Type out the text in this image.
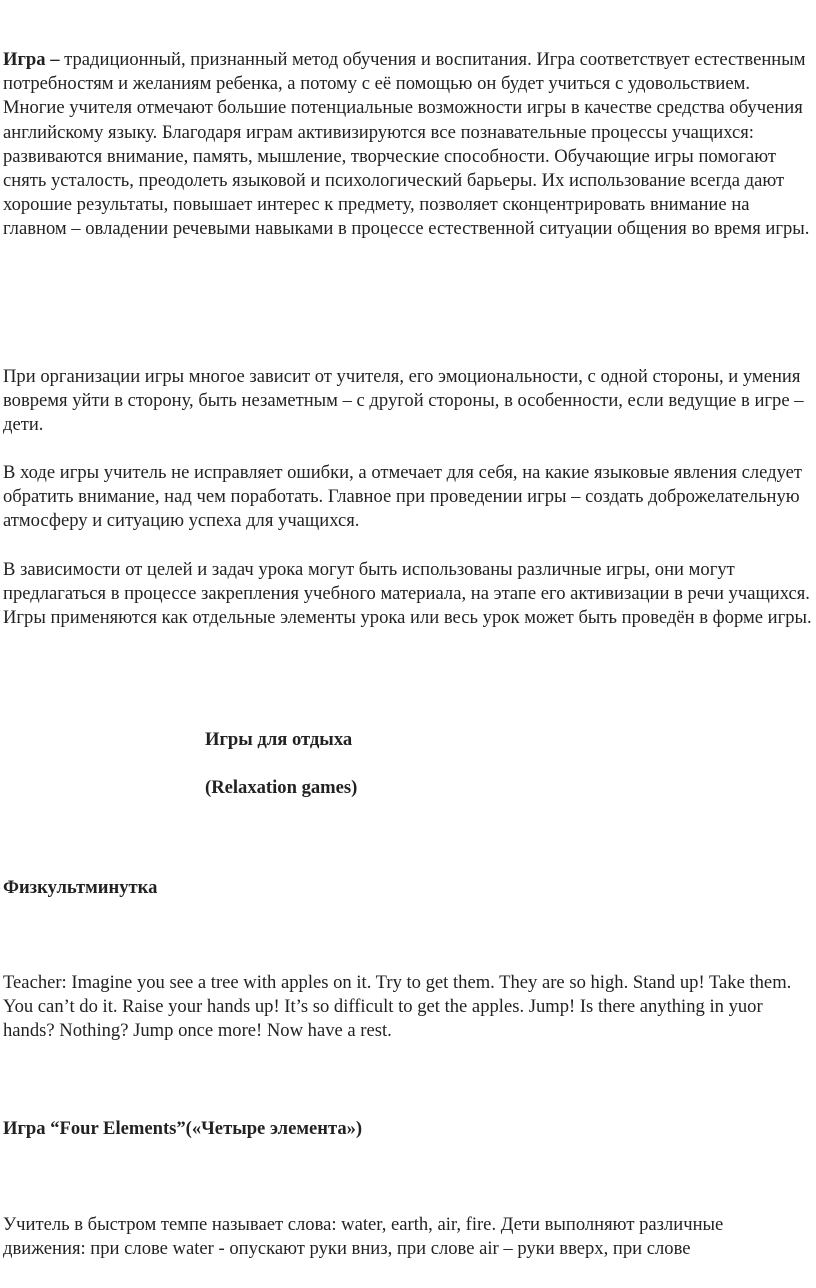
Игра – традиционный, признанный метод обучения и воспитания. Игра соответствует естественным потребностям и желаниям ребенка, а потому с её помощью он будет учиться с удовольствием. Многие учителя отмечают большие потенциальные возможности игры в качестве средства обучения английскому языку. Благодаря играм активизируются все познавательные процессы учащихся: развиваются внимание, память, мышление, творческие способности. Обучающие игры помогают снять усталость, преодолеть языковой и психологический барьеры. Их использование всегда дают хорошие результаты, повышает интерес к предмету, позволяет сконцентрировать внимание на главном – овладении речевыми навыками в процессе естественной ситуации общения во время игры.

При организации игры многое зависит от учителя, его эмоциональности, с одной стороны, и умения вовремя уйти в сторону, быть незаметным – с другой стороны, в особенности, если ведущие в игре – дети.

В ходе игры учитель не исправляет ошибки, а отмечает для себя, на какие языковые явления следует обратить внимание, над чем поработать. Главное при проведении игры – создать доброжелательную атмосферу и ситуацию успеха для учащихся.

В зависимости от целей и задач урока могут быть использованы различные игры, они могут предлагаться в процессе закрепления учебного материала, на этапе его активизации в речи учащихся. Игры применяются как отдельные элементы урока или весь урок может быть проведён в форме игры.

Игры для отдыха

(Relaxation games)

Физкультминутка

Teacher: Imagine you see a tree with apples on it. Try to get them. They are so high. Stand up! Take them. You can’t do it. Raise your hands up! It’s so difficult to get the apples. Jump! Is there anything in yuor hands? Nothing? Jump once more! Now have a rest.

Игра “Four Elements”(«Четыре элемента»)

Учитель в быстром темпе называет слова: water, earth, air, fire. Дети выполняют различные
движения: при слове water - опускают руки вниз, при слове air – руки вверх, при слове
